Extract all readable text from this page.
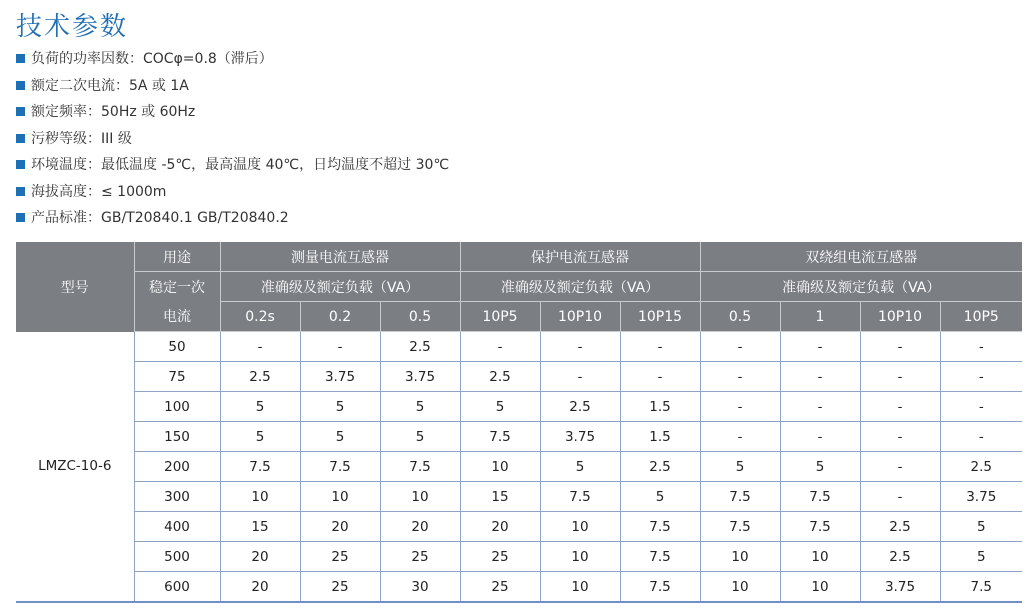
技术参数
负荷的功率因数：COCφ=0.8（滞后）
额定二次电流：5A 或 1A
额定频率：50Hz 或 60Hz
污秽等级：III 级
环境温度：最低温度 -5℃，最高温度 40℃，日均温度不超过 30℃
海拔高度：≤ 1000m
产品标准：GB/T20840.1 GB/T20840.2
型号	用途	测量电流互感器			保护电流互感器			双绕组电流互感器			
	稳定一次	准确级及额定负载（VA）			准确级及额定负载（VA）			准确级及额定负载（VA）			
	电流	0.2s	0.2	0.5	10P5	10P10	10P15	0.5	1	10P10	10P5
LMZC-10-6	50	-	-	2.5	-	-	-	-	-	-	-
	75	2.5	3.75	3.75	2.5	-	-	-	-	-	-
	100	5	5	5	5	2.5	1.5	-	-	-	-
	150	5	5	5	7.5	3.75	1.5	-	-	-	-
	200	7.5	7.5	7.5	10	5	2.5	5	5	-	2.5
	300	10	10	10	15	7.5	5	7.5	7.5	-	3.75
	400	15	20	20	20	10	7.5	7.5	7.5	2.5	5
	500	20	25	25	25	10	7.5	10	10	2.5	5
	600	20	25	30	25	10	7.5	10	10	3.75	7.5
